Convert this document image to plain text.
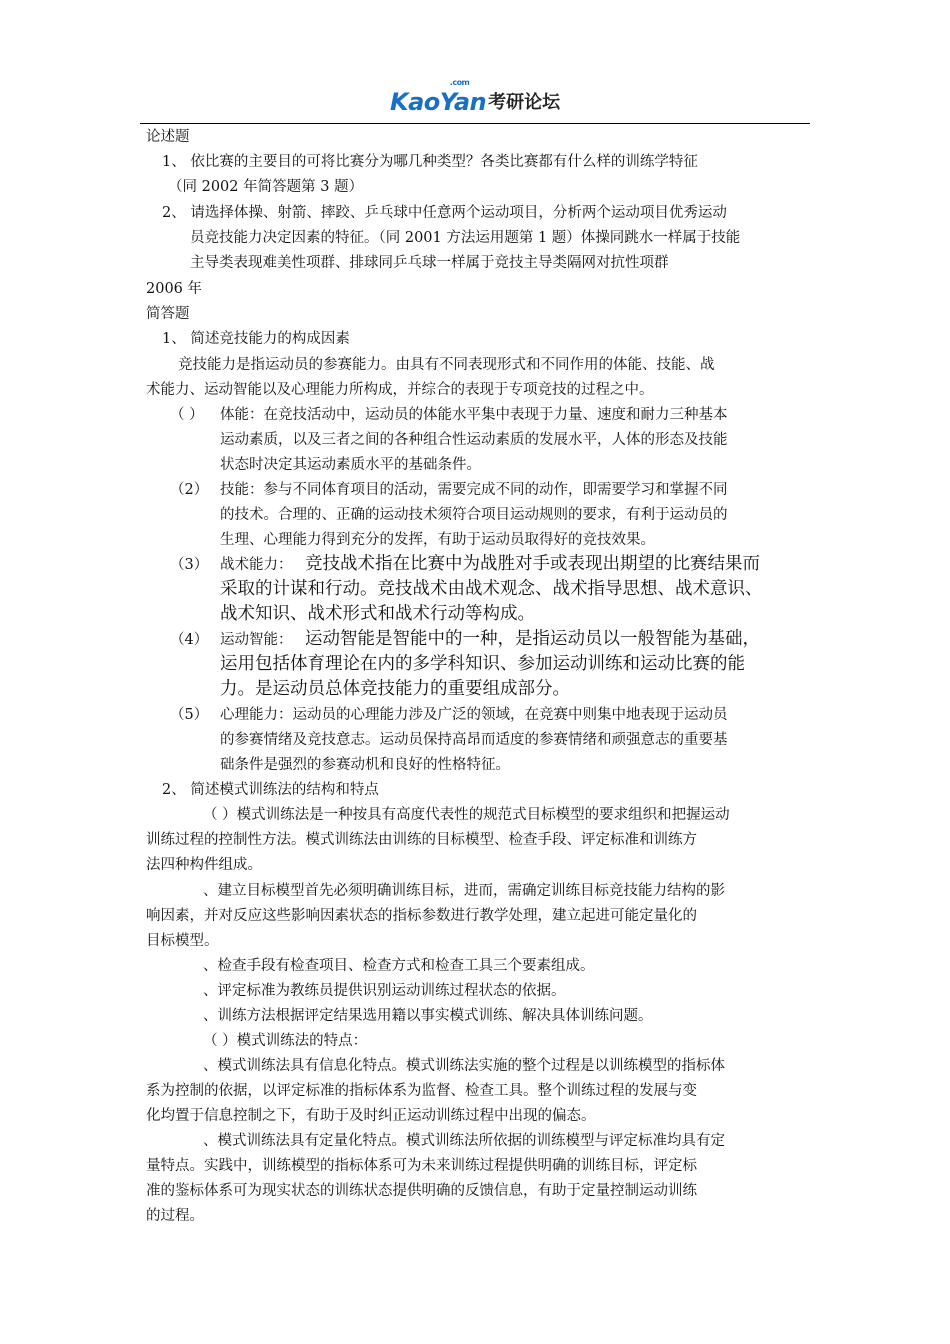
Kao
.com
Yan 考研论坛
论述题
1、 依比赛的主要目的可将比赛分为哪几种类型？各类比赛都有什么样的训练学特征
（同 2002 年简答题第 3 题）
2、 请选择体操、射箭、摔跤、乒乓球中任意两个运动项目，分析两个运动项目优秀运动
员竞技能力决定因素的特征。（同 2001 方法运用题第 1 题）体操同跳水一样属于技能
主导类表现难美性项群、排球同乒乓球一样属于竞技主导类隔网对抗性项群
2006 年
简答题
1、 简述竞技能力的构成因素
竞技能力是指运动员的参赛能力。由具有不同表现形式和不同作用的体能、技能、战
术能力、运动智能以及心理能力所构成，并综合的表现于专项竞技的过程之中。
（ ） 体能：在竞技活动中，运动员的体能水平集中表现于力量、速度和耐力三种基本
运动素质，以及三者之间的各种组合性运动素质的发展水平，人体的形态及技能
状态时决定其运动素质水平的基础条件。
（2） 技能：参与不同体育项目的活动，需要完成不同的动作，即需要学习和掌握不同
的技术。合理的、正确的运动技术须符合项目运动规则的要求，有利于运动员的
生理、心理能力得到充分的发挥，有助于运动员取得好的竞技效果。
（3） 战术能力： 竞技战术指在比赛中为战胜对手或表现出期望的比赛结果而
采取的计谋和行动。竞技战术由战术观念、战术指导思想、战术意识、
战术知识、战术形式和战术行动等构成。
（4） 运动智能： 运动智能是智能中的一种，是指运动员以一般智能为基础，
运用包括体育理论在内的多学科知识、参加运动训练和运动比赛的能
力。是运动员总体竞技能力的重要组成部分。
（5） 心理能力：运动员的心理能力涉及广泛的领域，在竞赛中则集中地表现于运动员
的参赛情绪及竞技意志。运动员保持高昂而适度的参赛情绪和顽强意志的重要基
础条件是强烈的参赛动机和良好的性格特征。
2、 简述模式训练法的结构和特点
（ ）模式训练法是一种按具有高度代表性的规范式目标模型的要求组织和把握运动
训练过程的控制性方法。模式训练法由训练的目标模型、检查手段、评定标准和训练方
法四种构件组成。
、建立目标模型首先必须明确训练目标，进而，需确定训练目标竞技能力结构的影
响因素，并对反应这些影响因素状态的指标参数进行教学处理，建立起进可能定量化的
目标模型。
、检查手段有检查项目、检查方式和检查工具三个要素组成。
、评定标准为教练员提供识别运动训练过程状态的依据。
、训练方法根据评定结果选用籍以事实模式训练、解决具体训练问题。
（ ）模式训练法的特点：
、模式训练法具有信息化特点。模式训练法实施的整个过程是以训练模型的指标体
系为控制的依据，以评定标准的指标体系为监督、检查工具。整个训练过程的发展与变
化均置于信息控制之下，有助于及时纠正运动训练过程中出现的偏态。
、模式训练法具有定量化特点。模式训练法所依据的训练模型与评定标准均具有定
量特点。实践中，训练模型的指标体系可为未来训练过程提供明确的训练目标，评定标
准的鉴标体系可为现实状态的训练状态提供明确的反馈信息，有助于定量控制运动训练
的过程。
